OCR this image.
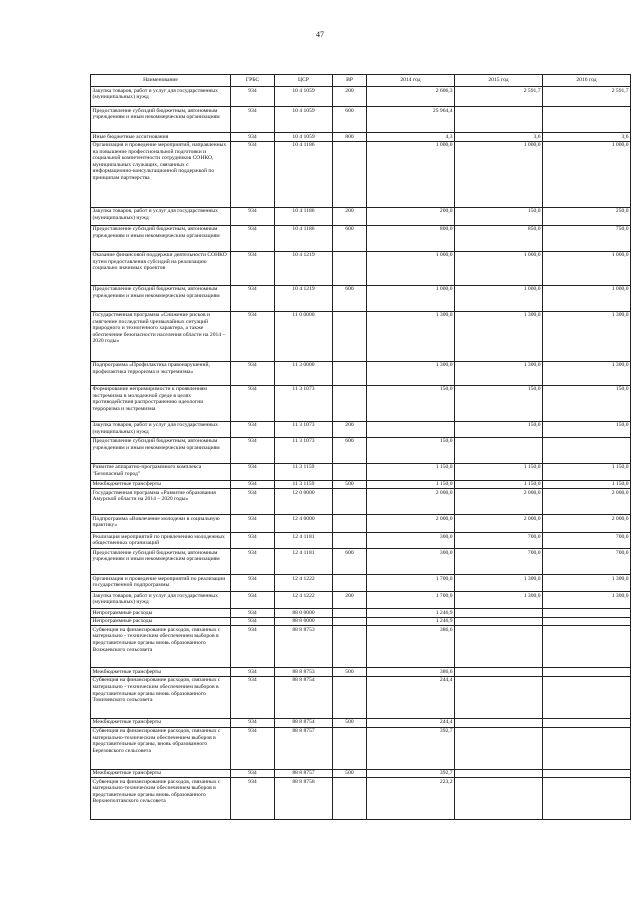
47
Наименование	ГРБС	ЦСР	ВР	2014 год	2015 год	2016 год
Закупка товаров, работ и услуг для государственных (муниципальных) нужд	934	10 4 1059	200	2 606,3	2 591,7	2 591,7
Предоставление субсидий бюджетным, автономным учреждениям и иным некоммерческим организациям	934	10 4 1059	600	25 964,4		
Иные бюджетные ассигнования	934	10 4 1059	800	4,3	3,6	3,6
Организация и проведение мероприятий, направленных на повышение профессиональной подготовки и социальной компетентности сотрудников СОНКО, муниципальных служащих, связанных с информационно-консультационной поддержкой по принципам партнерства	934	10 4 1186		1 000,0	1 000,0	1 000,0
Закупка товаров, работ и услуг для государственных (муниципальных) нужд	934	10 4 1186	200	200,0	150,0	250,0
Предоставление субсидий бюджетным, автономным учреждениям и иным некоммерческим организациям	934	10 4 1186	600	800,0	850,0	750,0
Оказание финансовой поддержки деятельности СОНКО путем предоставления субсидий на реализацию социально значимых проектов	934	10 4 1219		1 000,0	1 000,0	1 000,0
Предоставление субсидий бюджетным, автономным учреждениям и иным некоммерческим организациям	934	10 4 1219	600	1 000,0	1 000,0	1 000,0
Государственная программа «Снижение рисков и смягчение последствий чрезвычайных ситуаций природного и техногенного характера, а также обеспечение безопасности населения области на 2014 – 2020 годы»	934	11 0 0000		1 300,0	1 300,0	1 300,0
Подпрограмма «Профилактика правонарушений, профилактика терроризма и экстремизма»	934	11 3 0000		1 300,0	1 300,0	1 300,0
Формирование непримиримости к проявлениям экстремизма в молодежной среде в целях противодействия распространению идеологии терроризма и экстремизма	934	11 3 1073		150,0	150,0	150,0
Закупка товаров, работ и услуг для государственных (муниципальных) нужд	934	11 3 1073	200		150,0	150,0
Предоставление субсидий бюджетным, автономным учреждениям и иным некоммерческим организациям	934	11 3 1073	600	150,0		
Развитие аппаратно-программного комплекса "Безопасный город"	934	11 3 1159		1 150,0	1 150,0	1 150,0
Межбюджетные трансферты	934	11 3 1159	500	1 150,0	1 150,0	1 150,0
Государственная программа «Развитие образования Амурской области на 2014 – 2020 годы»	934	12 0 0000		2 000,0	2 000,0	2 000,0
Подпрограмма «Вовлечение молодежи в социальную практику»	934	12 4 0000		2 000,0	2 000,0	2 000,0
Реализация мероприятий по привлечению молодежных общественных организаций	934	12 4 1181		300,0	700,0	700,0
Предоставление субсидий бюджетным, автономным учреждениям и иным некоммерческим организациям	934	12 4 1181	600	300,0	700,0	700,0
Организация и проведение мероприятий по реализации государственной подпрограммы	934	12 4 1222		1 700,0	1 300,0	1 300,0
Закупка товаров, работ и услуг для государственных (муниципальных) нужд	934	12 4 1222	200	1 700,0	1 300,0	1 300,0
Непрограммные расходы	934	88 0 0000		1 246,9		
Непрограммные расходы	934	88 8 0000		1 246,9		
Субвенция на финансирование расходов, связанных с материально - техническим обеспечением выборов в представительные органы вновь образованного Возжаевского сельсовета	934	88 8 8753		386,6		
Межбюджетные трансферты	934	88 8 8753	500	386,6		
Субвенция на финансирование расходов, связанных с материально - техническим обеспечением выборов в представительные органы вновь образованного Томичевского сельсовета	934	88 8 8754		244,4		
Межбюджетные трансферты	934	88 8 8754	500	244,4		
Субвенция на финансирование расходов, связанных с материально-техническим обеспечением выборов в представительные органы, вновь образованного Березовского сельсовета	934	88 8 8757		392,7		
Межбюджетные трансферты	934	88 8 8757	500	392,7		
Субвенция на финансирование расходов, связанных с материально-техническим обеспечением выборов в представительные органы вновь образованного Верхнеполтавского сельсовета	934	88 8 8758		223,2		
